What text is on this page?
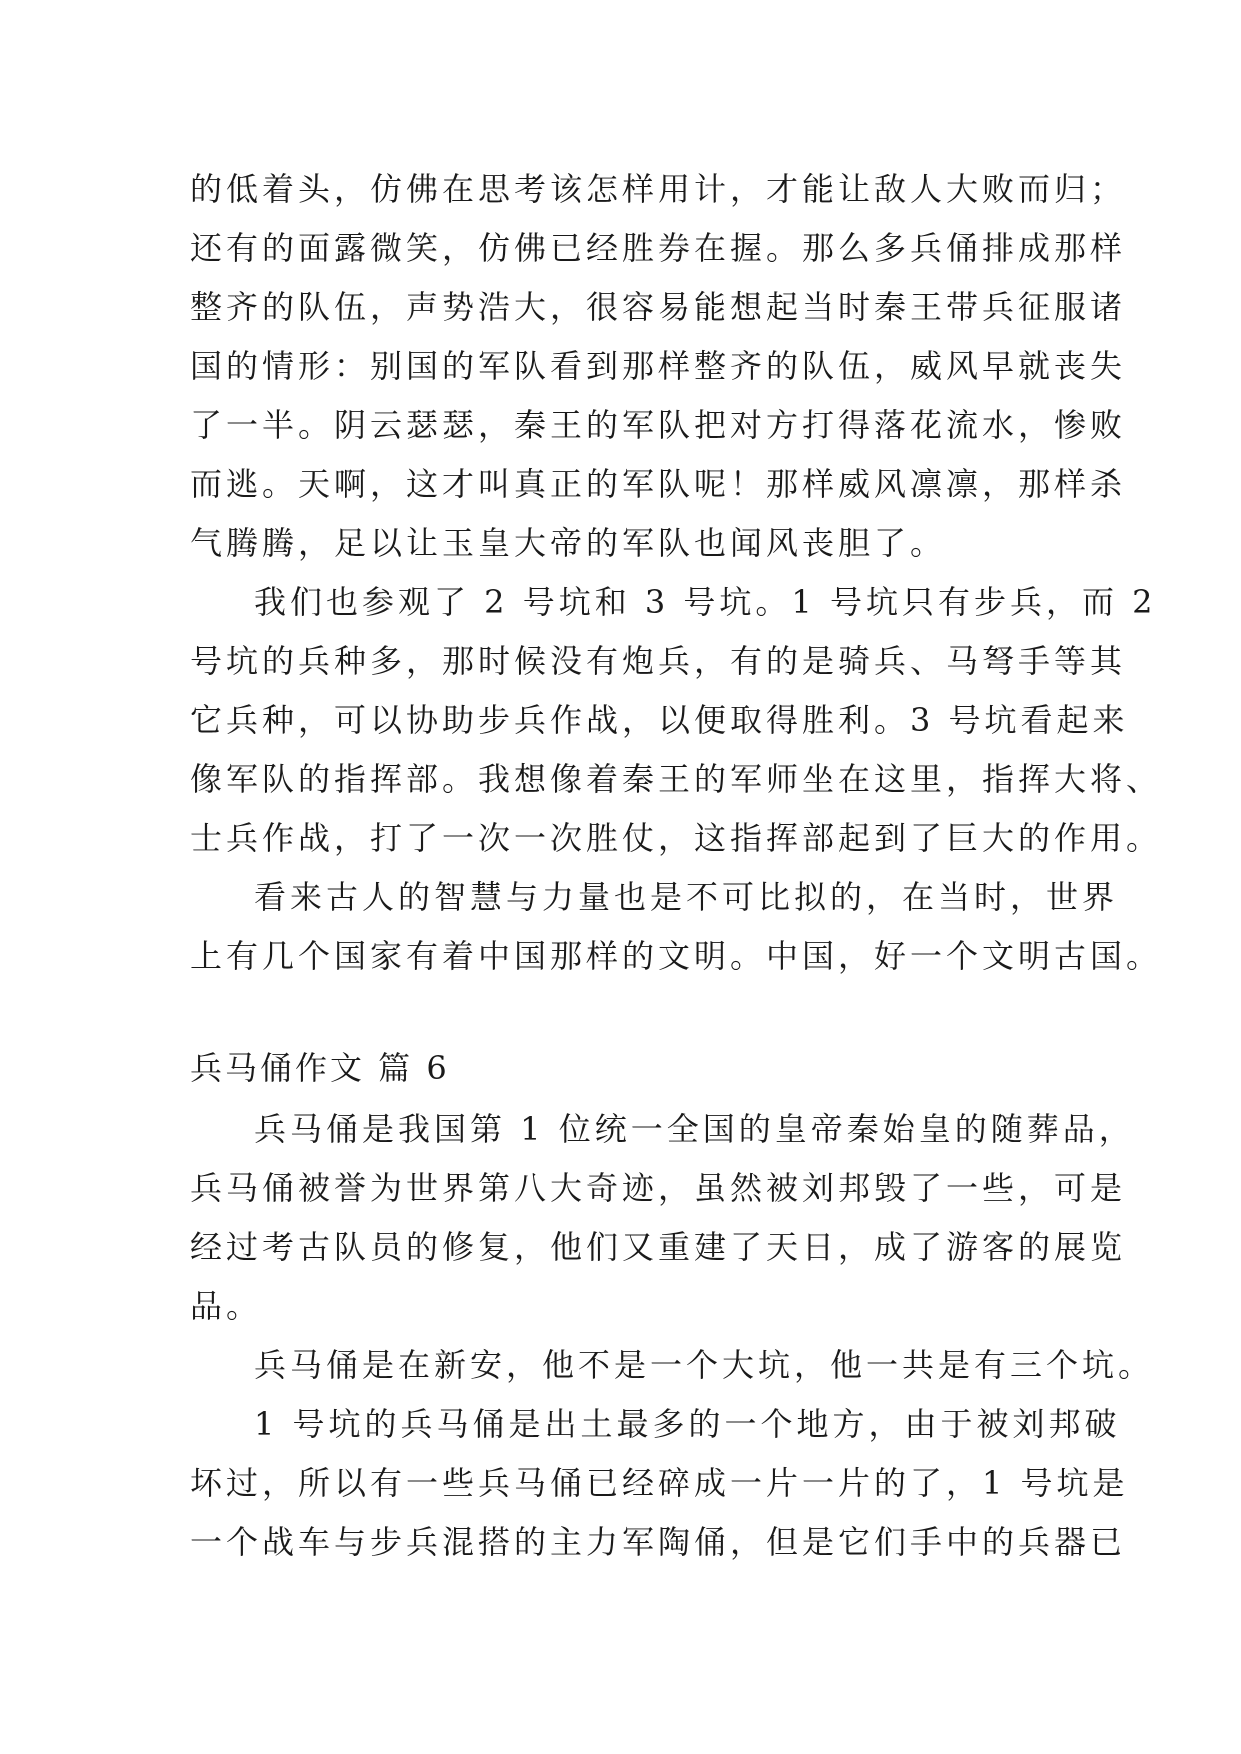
的低着头，仿佛在思考该怎样用计，才能让敌人大败而归；
还有的面露微笑，仿佛已经胜券在握。那么多兵俑排成那样
整齐的队伍，声势浩大，很容易能想起当时秦王带兵征服诸
国的情形：别国的军队看到那样整齐的队伍，威风早就丧失
了一半。阴云瑟瑟，秦王的军队把对方打得落花流水，惨败
而逃。天啊，这才叫真正的军队呢！那样威风凛凛，那样杀
气腾腾，足以让玉皇大帝的军队也闻风丧胆了。
我们也参观了 2 号坑和 3 号坑。1 号坑只有步兵，而 2
号坑的兵种多，那时候没有炮兵，有的是骑兵、马弩手等其
它兵种，可以协助步兵作战，以便取得胜利。3 号坑看起来
像军队的指挥部。我想像着秦王的军师坐在这里，指挥大将、
士兵作战，打了一次一次胜仗，这指挥部起到了巨大的作用。
看来古人的智慧与力量也是不可比拟的，在当时，世界
上有几个国家有着中国那样的文明。中国，好一个文明古国。
兵马俑作文 篇 6
兵马俑是我国第 1 位统一全国的皇帝秦始皇的随葬品，
兵马俑被誉为世界第八大奇迹，虽然被刘邦毁了一些，可是
经过考古队员的修复，他们又重建了天日，成了游客的展览
品。
兵马俑是在新安，他不是一个大坑，他一共是有三个坑。
1 号坑的兵马俑是出土最多的一个地方，由于被刘邦破
坏过，所以有一些兵马俑已经碎成一片一片的了，1 号坑是
一个战车与步兵混搭的主力军陶俑，但是它们手中的兵器已
